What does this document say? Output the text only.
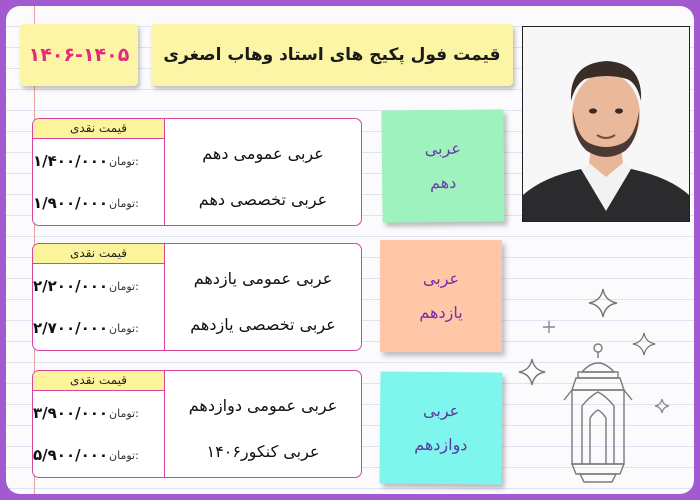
۱۴۰۶-۱۴۰۵ قیمت فول پکیج های استاد وهاب اصغری
قیمت نقدی
۱/۴۰۰/۰۰۰ تومان:
۱/۹۰۰/۰۰۰ تومان:
عربی عمومی دهم
عربی تخصصی دهم
قیمت نقدی
۲/۲۰۰/۰۰۰ تومان:
۲/۷۰۰/۰۰۰ تومان:
عربی عمومی یازدهم
عربی تخصصی یازدهم
قیمت نقدی
۳/۹۰۰/۰۰۰ تومان:
۵/۹۰۰/۰۰۰ تومان:
عربی عمومی دوازدهم
عربی کنکور۱۴۰۶
عربی
دهم
عربی
یازدهم
عربی
دوازدهم
